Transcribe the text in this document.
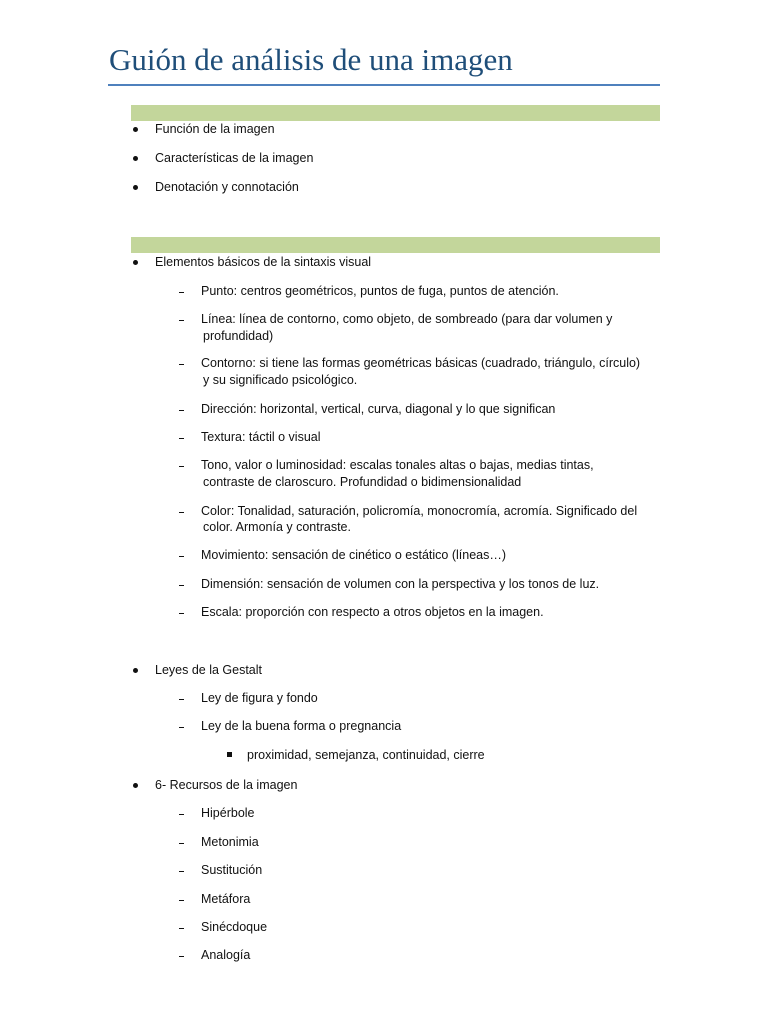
Guión de análisis de una imagen
Función de la imagen
Características de la imagen
Denotación y connotación
Elementos básicos de la sintaxis visual
Punto: centros geométricos, puntos de fuga, puntos de atención.
Línea: línea de contorno, como objeto, de sombreado (para dar volumen y
profundidad)
Contorno: si tiene las formas geométricas básicas (cuadrado, triángulo, círculo)
y su significado psicológico.
Dirección: horizontal, vertical, curva, diagonal y lo que significan
Textura: táctil o visual
Tono, valor o luminosidad: escalas tonales altas o bajas, medias tintas,
contraste de claroscuro. Profundidad o bidimensionalidad
Color: Tonalidad, saturación, policromía, monocromía, acromía. Significado del
color. Armonía y contraste.
Movimiento: sensación de cinético o estático (líneas…)
Dimensión: sensación de volumen con la perspectiva y los tonos de luz.
Escala: proporción con respecto a otros objetos en la imagen.
Leyes de la Gestalt
Ley de figura y fondo
Ley de la buena forma o pregnancia
proximidad, semejanza, continuidad, cierre
6- Recursos de la imagen
Hipérbole
Metonimia
Sustitución
Metáfora
Sinécdoque
Analogía
